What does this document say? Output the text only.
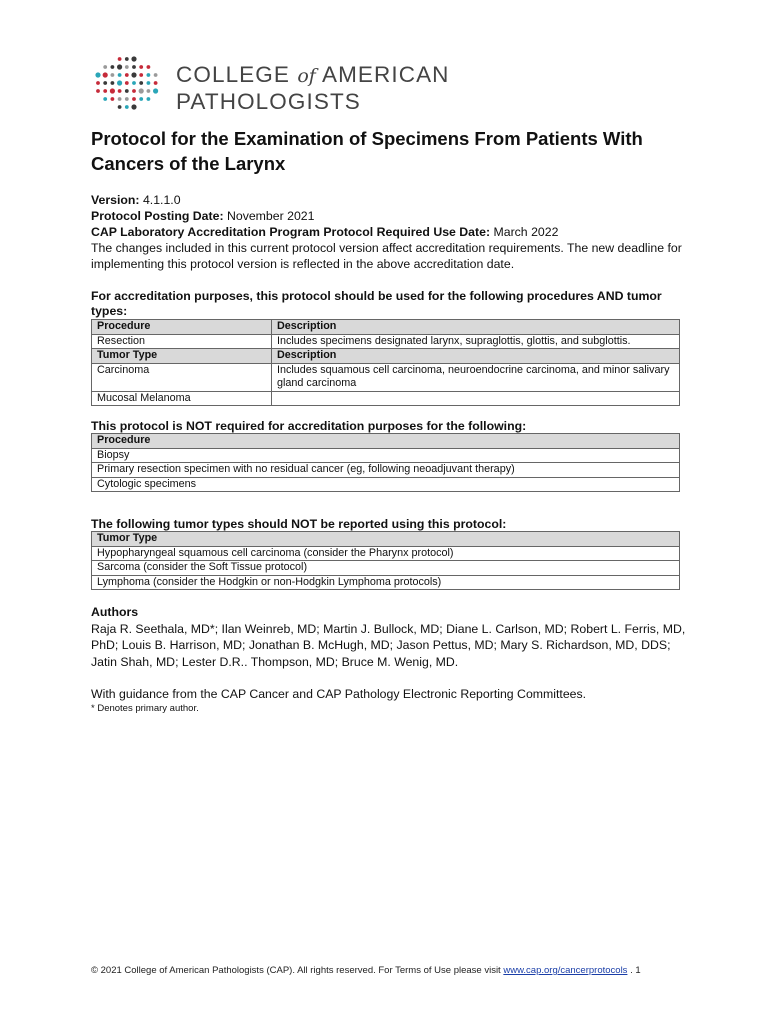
COLLEGE of AMERICAN
PATHOLOGISTS
Protocol for the Examination of Specimens From Patients With Cancers of the Larynx
Version: 4.1.1.0
Protocol Posting Date: November 2021
CAP Laboratory Accreditation Program Protocol Required Use Date: March 2022
The changes included in this current protocol version affect accreditation requirements. The new deadline for implementing this protocol version is reflected in the above accreditation date.
For accreditation purposes, this protocol should be used for the following procedures AND tumor types:
Procedure	Description
Resection	Includes specimens designated larynx, supraglottis, glottis, and subglottis.
Tumor Type	Description
Carcinoma	Includes squamous cell carcinoma, neuroendocrine carcinoma, and minor salivary gland carcinoma
Mucosal Melanoma	
This protocol is NOT required for accreditation purposes for the following:
Procedure
Biopsy
Primary resection specimen with no residual cancer (eg, following neoadjuvant therapy)
Cytologic specimens
The following tumor types should NOT be reported using this protocol:
Tumor Type
Hypopharyngeal squamous cell carcinoma (consider the Pharynx protocol)
Sarcoma (consider the Soft Tissue protocol)
Lymphoma (consider the Hodgkin or non-Hodgkin Lymphoma protocols)
Authors
Raja R. Seethala, MD*; Ilan Weinreb, MD; Martin J. Bullock, MD; Diane L. Carlson, MD; Robert L. Ferris, MD, PhD; Louis B. Harrison, MD; Jonathan B. McHugh, MD; Jason Pettus, MD; Mary S. Richardson, MD, DDS; Jatin Shah, MD; Lester D.R.. Thompson, MD; Bruce M. Wenig, MD.
With guidance from the CAP Cancer and CAP Pathology Electronic Reporting Committees.
* Denotes primary author.
© 2021 College of American Pathologists (CAP). All rights reserved. For Terms of Use please visit www.cap.org/cancerprotocols . 1
